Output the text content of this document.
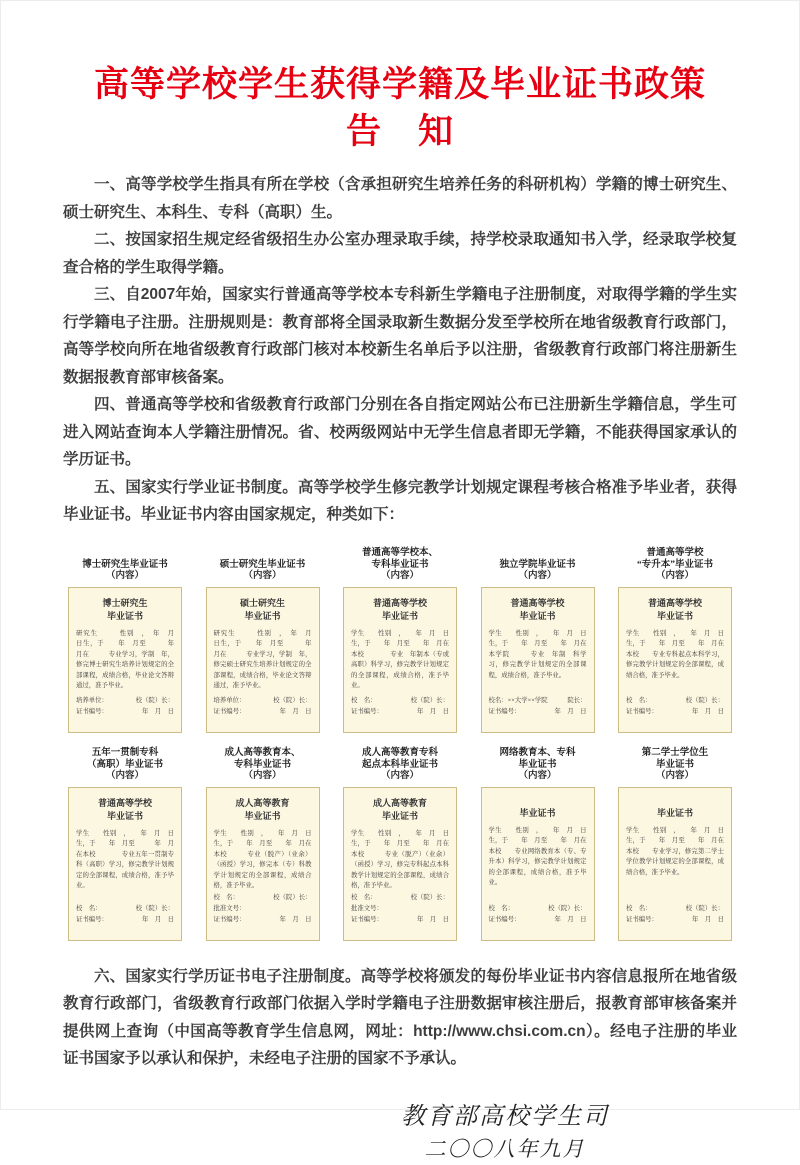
高等学校学生获得学籍及毕业证书政策
告　知

一、高等学校学生指具有所在学校（含承担研究生培养任务的科研机构）学籍的博士研究生、硕士研究生、本科生、专科（高职）生。

二、按国家招生规定经省级招生办公室办理录取手续，持学校录取通知书入学，经录取学校复查合格的学生取得学籍。

三、自2007年始，国家实行普通高等学校本专科新生学籍电子注册制度，对取得学籍的学生实行学籍电子注册。注册规则是：教育部将全国录取新生数据分发至学校所在地省级教育行政部门，高等学校向所在地省级教育行政部门核对本校新生名单后予以注册，省级教育行政部门将注册新生数据报教育部审核备案。

四、普通高等学校和省级教育行政部门分别在各自指定网站公布已注册新生学籍信息，学生可进入网站查询本人学籍注册情况。省、校两级网站中无学生信息者即无学籍，不能获得国家承认的学历证书。

五、国家实行学业证书制度。高等学校学生修完教学计划规定课程考核合格准予毕业者，获得毕业证书。毕业证书内容由国家规定，种类如下：

博士研究生毕业证书
（内容）
博士研究生
毕业证书
研究生　　　性别　，　年　月　日生，于　　年　月至　　　年　月在　　　专业学习，学制　年，修完博士研究生培养计划规定的全部课程，成绩合格，毕业论文答辩通过，准予毕业。
培养单位：	校（院）长：
证书编号：	年　月　日
硕士研究生毕业证书
（内容）
硕士研究生
毕业证书
研究生　　　性别　，　年　月　日生，于　　年　月至　　　年　月在　　　专业学习，学制　年，修完硕士研究生培养计划规定的全部课程，成绩合格，毕业论文答辩通过，准予毕业。
培养单位：	校（院）长：
证书编号：	年　月　日
普通高等学校本、
专科毕业证书
（内容）
普通高等学校
毕业证书
学生　　性别　，　　年　月　日生，于　　年　月至　　年　月在本校　　　　专业　年制本（专或高职）科学习，修完教学计划规定的全部课程，成绩合格，准予毕业。
校　名：	校（院）长：
证书编号：	年　月　日
独立学院毕业证书
（内容）
普通高等学校
毕业证书
学生　　性别　，　　年　月　日生，于　　年　月至　　年　月在本学院　　　专业　年制　科学习，修完教学计划规定的全部课程，成绩合格，准予毕业。
校名：××大学××学院	院长：
证书编号：	年　月　日
普通高等学校
“专升本”毕业证书
（内容）
普通高等学校
毕业证书
学生　　性别　，　　年　月　日生，于　　年　月至　　年　月在本校　　专业专科起点本科学习，修完教学计划规定的全部课程，成绩合格，准予毕业。
校　名：	校（院）长：
证书编号：	年　月　日
五年一贯制专科
（高职）毕业证书
（内容）
普通高等学校
毕业证书
学生　　性别　，　　年　月　日生，于　　年　月至　　　年　月在本校　　　　专业五年一贯制专科（高职）学习，修完教学计划规定的全部课程，成绩合格，准予毕业。
校　名：	校（院）长：
证书编号：	年　月　日
成人高等教育本、
专科毕业证书
（内容）
成人高等教育
毕业证书
学生　　性别　，　　年　月　日生，于　　年　月至　　年　月在本校　　　专业（脱产）（业余）（函授）学习，修完本（专）科教学计划规定的全部课程，成绩合格，准予毕业。
校　名：	校（院）长：
批准文号：
证书编号：	年　月　日
成人高等教育专科
起点本科毕业证书
（内容）
成人高等教育
毕业证书
学生　　性别　，　　年　月　日生，于　　年　月至　　年　月在本校　　　专业（脱产）（业余）（函授）学习，修完专科起点本科教学计划规定的全部课程，成绩合格，准予毕业。
校　名：	校（院）长：
批准文号：
证书编号：	年　月　日
网络教育本、专科
毕业证书
（内容）
毕业证书
学生　　性别　，　　年　月　日生，于　　年　月至　　年　月在本校　　专业网络教育本（专、专升本）科学习，修完教学计划规定的全部课程，成绩合格，准予毕业。
校　名：	校（院）长：
证书编号：	年　月　日
第二学士学位生
毕业证书
（内容）
毕业证书
学生　　性别　，　　年　月　日生，于　　年　月至　　年　月在本校　　专业学习，修完第二学士学位教学计划规定的全部课程，成绩合格，准予毕业。
校　名：	校（院）长：
证书编号：	年　月　日

六、国家实行学历证书电子注册制度。高等学校将颁发的每份毕业证书内容信息报所在地省级教育行政部门，省级教育行政部门依据入学时学籍电子注册数据审核注册后，报教育部审核备案并提供网上查询（中国高等教育学生信息网，网址：http://www.chsi.com.cn）。经电子注册的毕业证书国家予以承认和保护，未经电子注册的国家不予承认。

教育部高校学生司
二〇〇八年九月
